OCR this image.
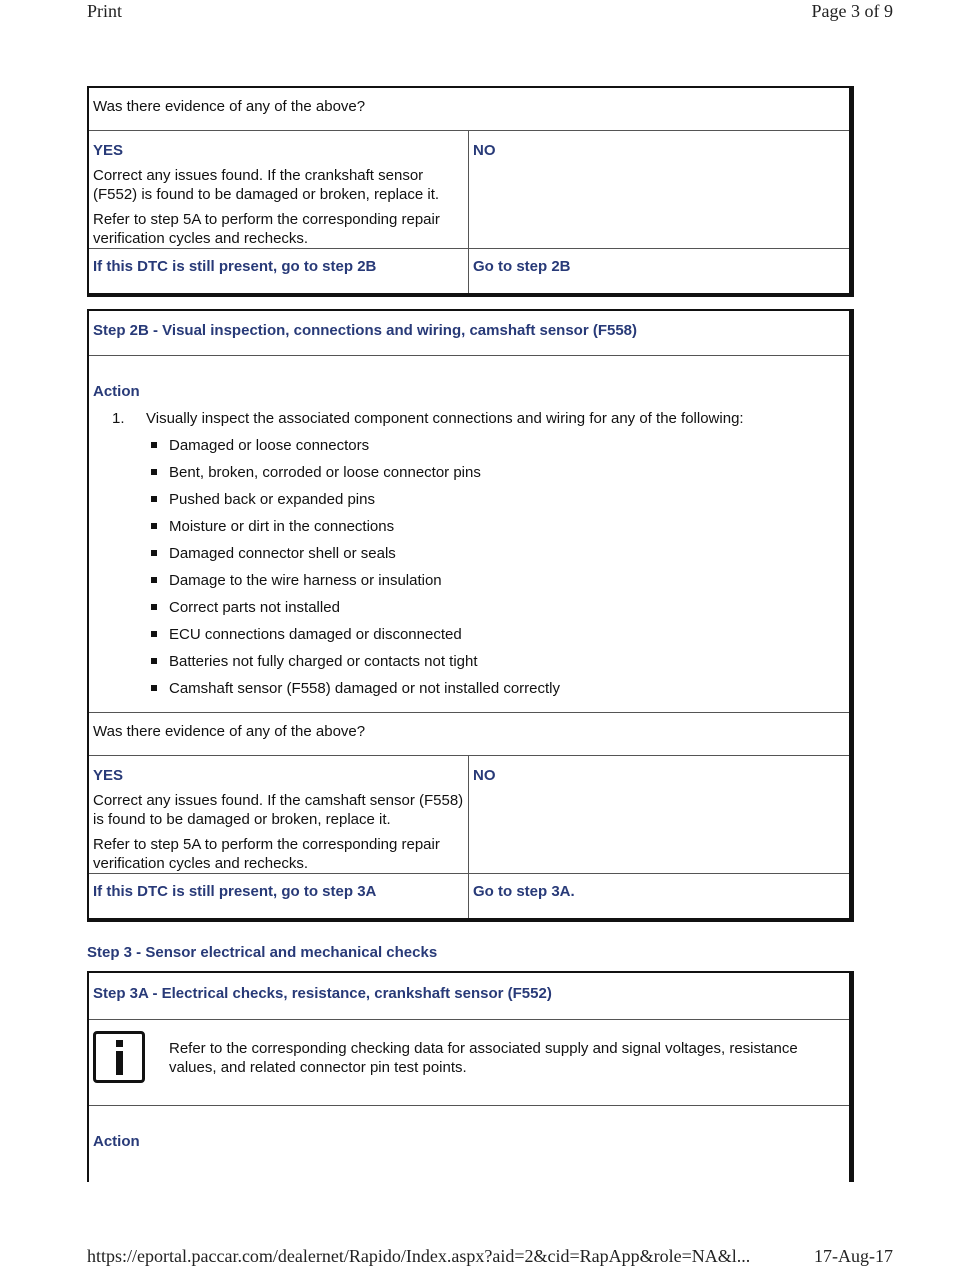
Print	Page 3 of 9
Was there evidence of any of the above?

YES

Correct any issues found. If the crankshaft sensor (F552) is found to be damaged or broken, replace it.

Refer to step 5A to perform the corresponding repair verification cycles and rechecks.

NO

If this DTC is still present, go to step 2B	Go to step 2B
Step 2B - Visual inspection, connections and wiring, camshaft sensor (F558)

Action

1. Visually inspect the associated component connections and wiring for any of the following:
Damaged or loose connectors
Bent, broken, corroded or loose connector pins
Pushed back or expanded pins
Moisture or dirt in the connections
Damaged connector shell or seals
Damage to the wire harness or insulation
Correct parts not installed
ECU connections damaged or disconnected
Batteries not fully charged or contacts not tight
Camshaft sensor (F558) damaged or not installed correctly
Was there evidence of any of the above?

YES

Correct any issues found. If the camshaft sensor (F558) is found to be damaged or broken, replace it.

Refer to step 5A to perform the corresponding repair verification cycles and rechecks.

NO

If this DTC is still present, go to step 3A	Go to step 3A.
Step 3 - Sensor electrical and mechanical checks
Step 3A - Electrical checks, resistance, crankshaft sensor (F552)

Refer to the corresponding checking data for associated supply and signal voltages, resistance values, and related connector pin test points.

Action

https://eportal.paccar.com/dealernet/Rapido/Index.aspx?aid=2&cid=RapApp&role=NA&l...	17-Aug-17
